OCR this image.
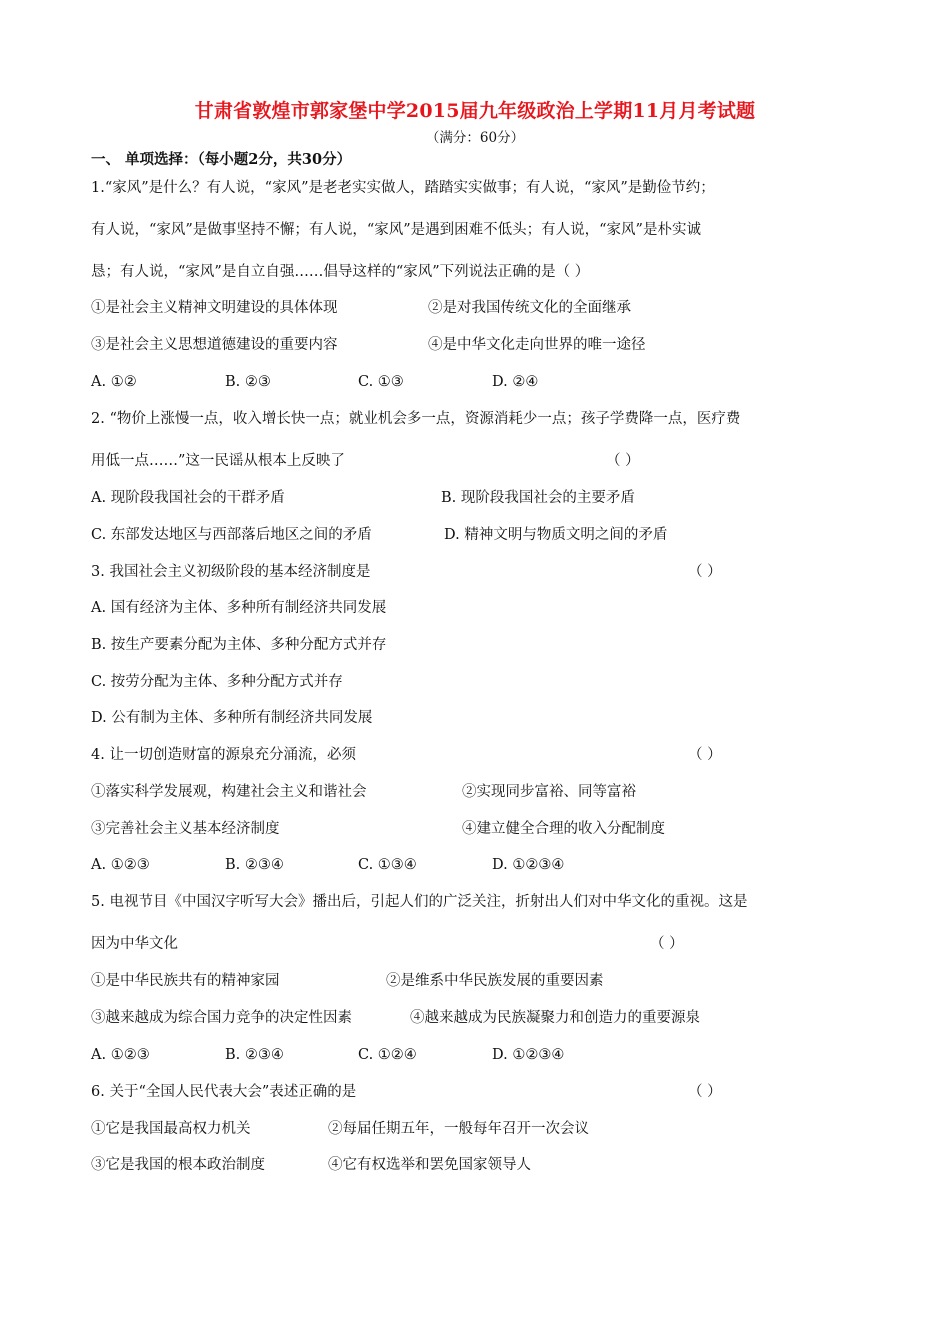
甘肃省敦煌市郭家堡中学2015届九年级政治上学期11月月考试题
（满分：60分）
一、 单项选择：（每小题2分，共30分）
1.“家风”是什么？有人说，“家风”是老老实实做人，踏踏实实做事；有人说，“家风”是勤俭节约；
有人说，“家风”是做事坚持不懈；有人说，“家风”是遇到困难不低头；有人说，“家风”是朴实诚
恳；有人说，“家风”是自立自强……倡导这样的“家风”下列说法正确的是（ ）
①是社会主义精神文明建设的具体体现	②是对我国传统文化的全面继承
③是社会主义思想道德建设的重要内容	④是中华文化走向世界的唯一途径
A. ①②	B. ②③	C. ①③	D. ②④
2. “物价上涨慢一点，收入增长快一点；就业机会多一点，资源消耗少一点；孩子学费降一点，医疗费
用低一点……”这一民谣从根本上反映了	（ ）
A. 现阶段我国社会的干群矛盾	B. 现阶段我国社会的主要矛盾
C. 东部发达地区与西部落后地区之间的矛盾	D. 精神文明与物质文明之间的矛盾
3. 我国社会主义初级阶段的基本经济制度是	（ ）
A. 国有经济为主体、多种所有制经济共同发展
B. 按生产要素分配为主体、多种分配方式并存
C. 按劳分配为主体、多种分配方式并存
D. 公有制为主体、多种所有制经济共同发展
4. 让一切创造财富的源泉充分涌流，必须	（ ）
①落实科学发展观，构建社会主义和谐社会	②实现同步富裕、同等富裕
③完善社会主义基本经济制度	④建立健全合理的收入分配制度
A. ①②③	B. ②③④	C. ①③④	D. ①②③④
5. 电视节目《中国汉字听写大会》播出后，引起人们的广泛关注，折射出人们对中华文化的重视。这是
因为中华文化	（ ）
①是中华民族共有的精神家园	②是维系中华民族发展的重要因素
③越来越成为综合国力竞争的决定性因素	④越来越成为民族凝聚力和创造力的重要源泉
A. ①②③	B. ②③④	C. ①②④	D. ①②③④
6. 关于“全国人民代表大会”表述正确的是	（ ）
①它是我国最高权力机关	②每届任期五年，一般每年召开一次会议
③它是我国的根本政治制度	④它有权选举和罢免国家领导人
